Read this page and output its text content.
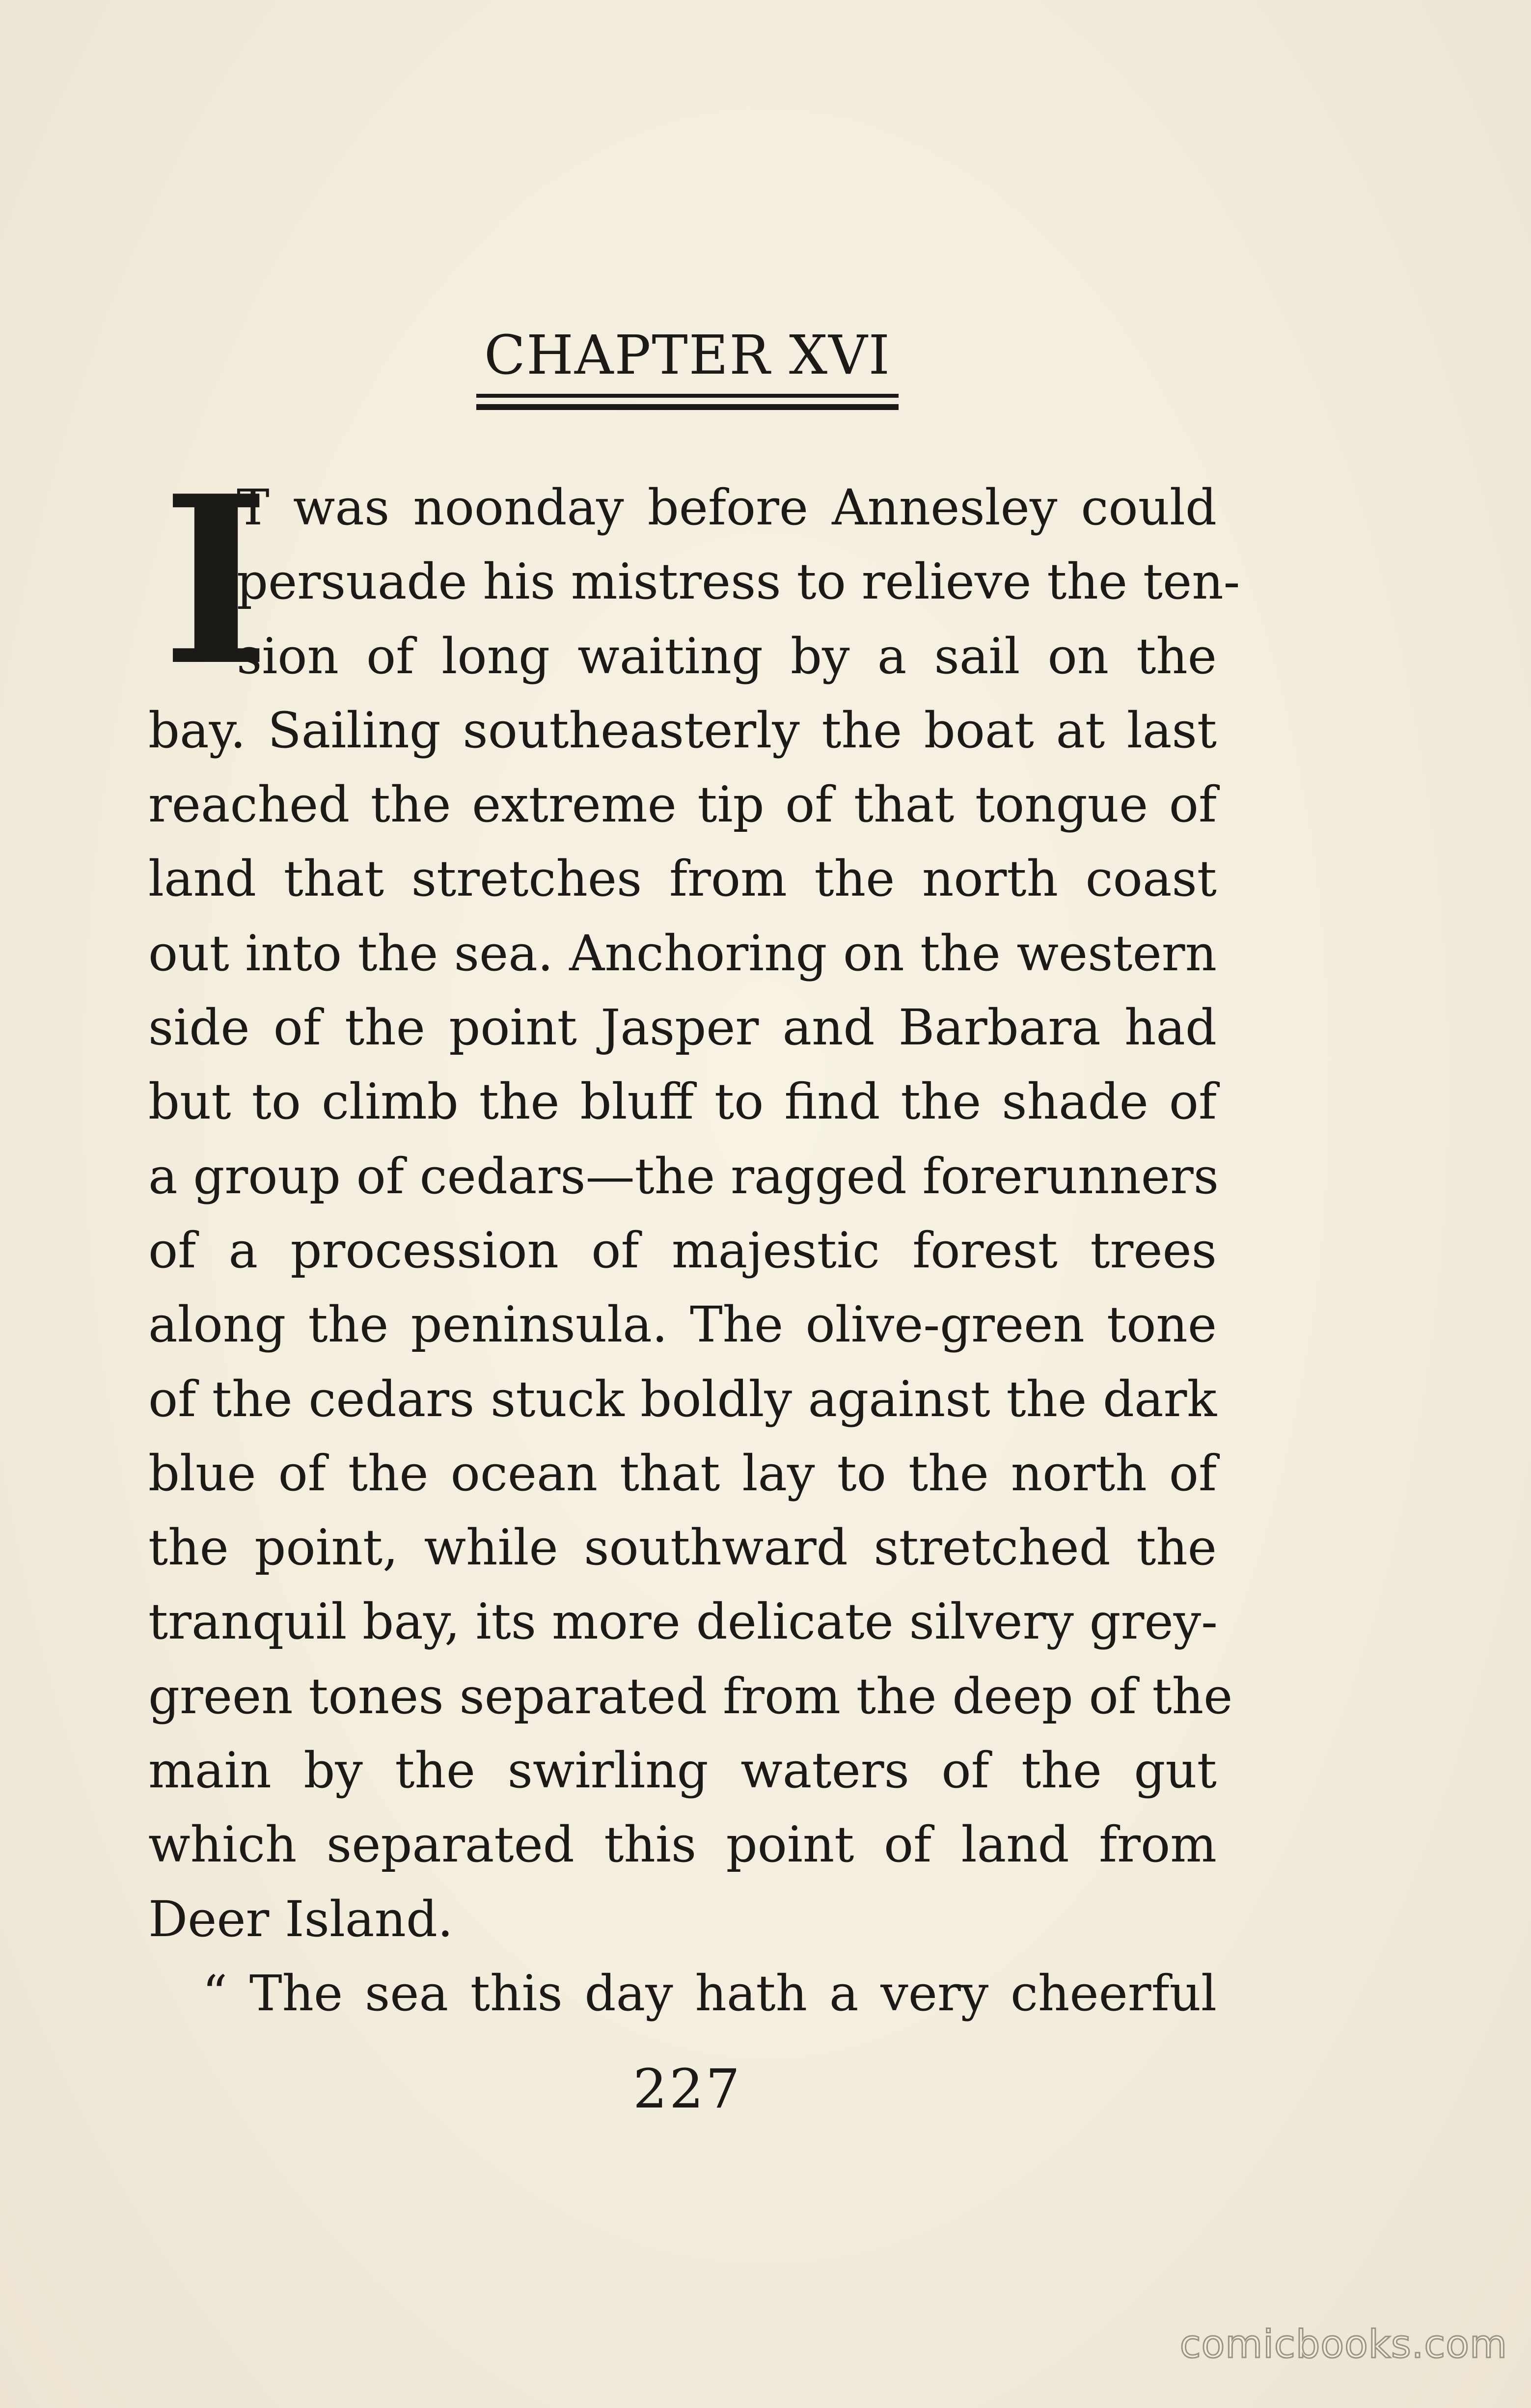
CHAPTER XVI
I
T was noonday before Annesley could
persuade his mistress to relieve the ten-
sion of long waiting by a sail on the
bay. Sailing southeasterly the boat at last
reached the extreme tip of that tongue of
land that stretches from the north coast
out into the sea. Anchoring on the western
side of the point Jasper and Barbara had
but to climb the bluff to find the shade of
a group of cedars—the ragged forerunners
of a procession of majestic forest trees
along the peninsula. The olive-green tone
of the cedars stuck boldly against the dark
blue of the ocean that lay to the north of
the point, while southward stretched the
tranquil bay, its more delicate silvery grey-
green tones separated from the deep of the
main by the swirling waters of the gut
which separated this point of land from
Deer Island.
“ The sea this day hath a very cheerful
227
comicbooks.com
